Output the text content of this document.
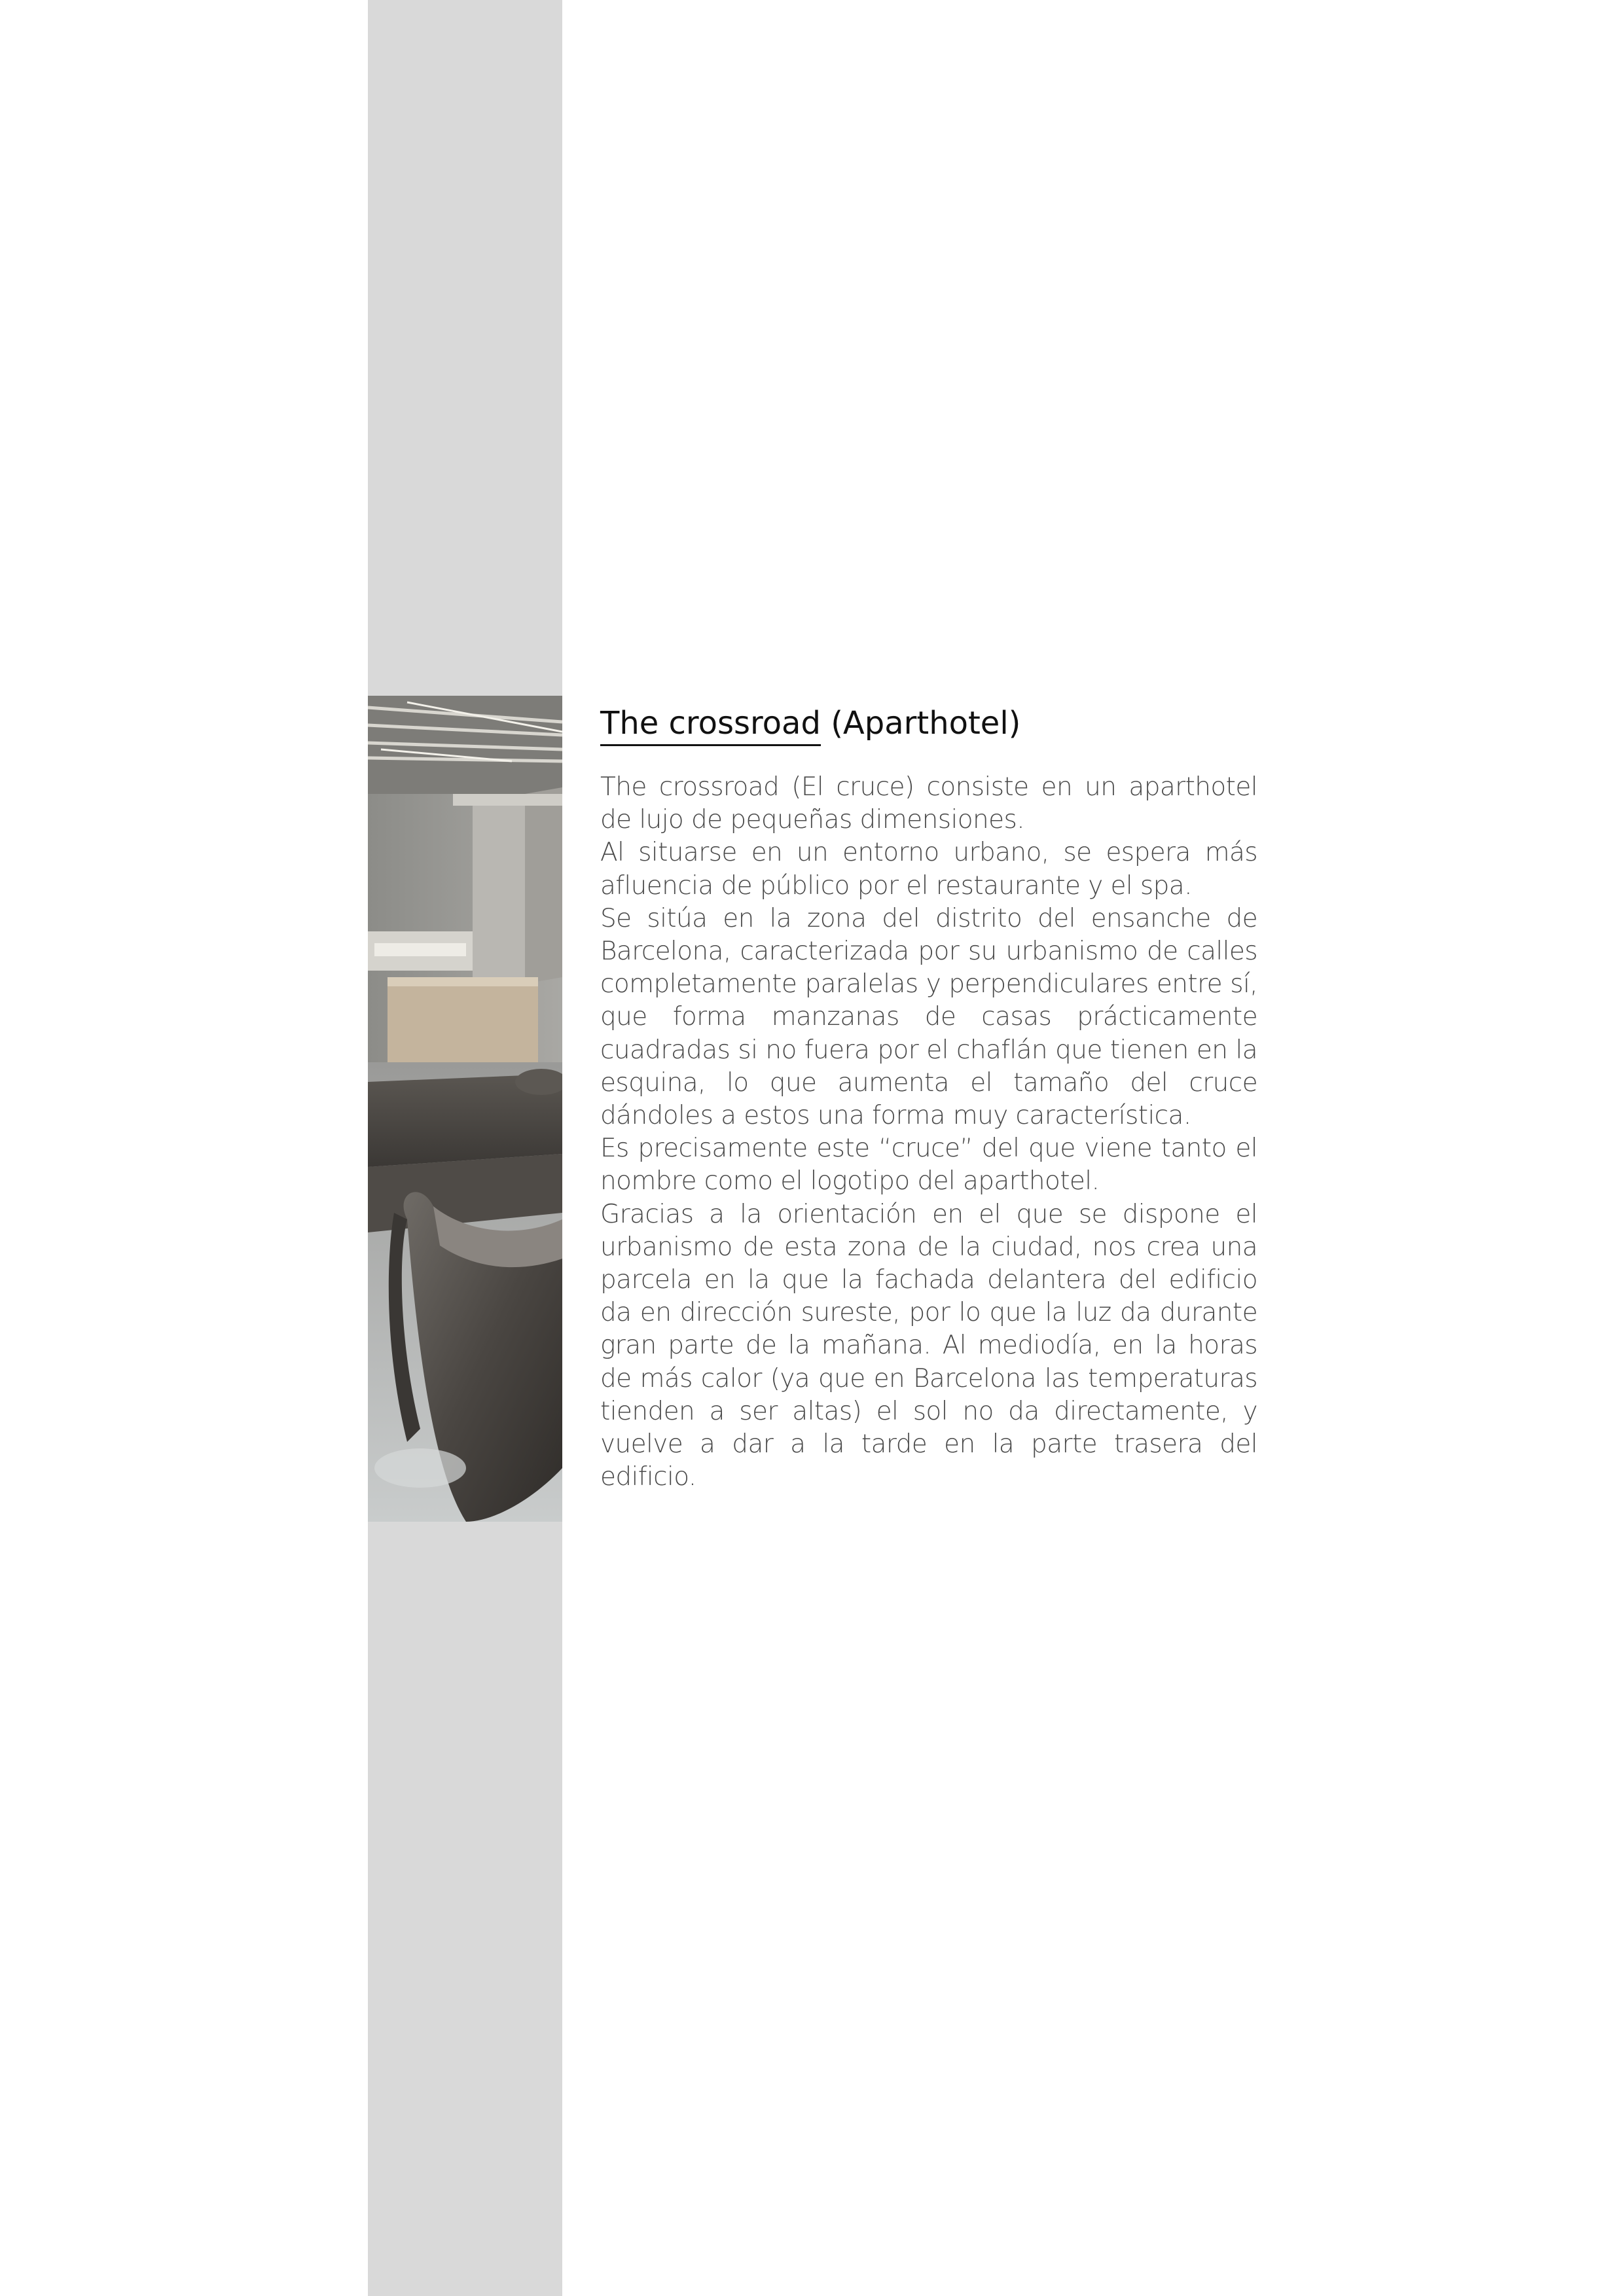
The crossroad (Aparthotel)

The crossroad (El cruce) consiste en un aparthotel de lujo de pequeñas dimensiones.

Al situarse en un entorno urbano, se espera más afluencia de público por el restaurante y el spa.

Se sitúa en la zona del distrito del ensanche de Barcelona, caracterizada por su urbanismo de calles completamente paralelas y perpendiculares entre sí, que forma manzanas de casas prácticamente cuadradas si no fuera por el chaflán que tienen en la esquina, lo que aumenta el tamaño del cruce dándoles a estos una forma muy característica.

Es precisamente este “cruce” del que viene tanto el nombre como el logotipo del aparthotel.

Gracias a la orientación en el que se dispone el urbanismo de esta zona de la ciudad, nos crea una parcela en la que la fachada delantera del edificio da en dirección sureste, por lo que la luz da durante gran parte de la mañana. Al mediodía, en la horas de más calor (ya que en Barcelona las temperaturas tienden a ser altas) el sol no da directamente, y vuelve a dar a la tarde en la parte trasera del edificio.
